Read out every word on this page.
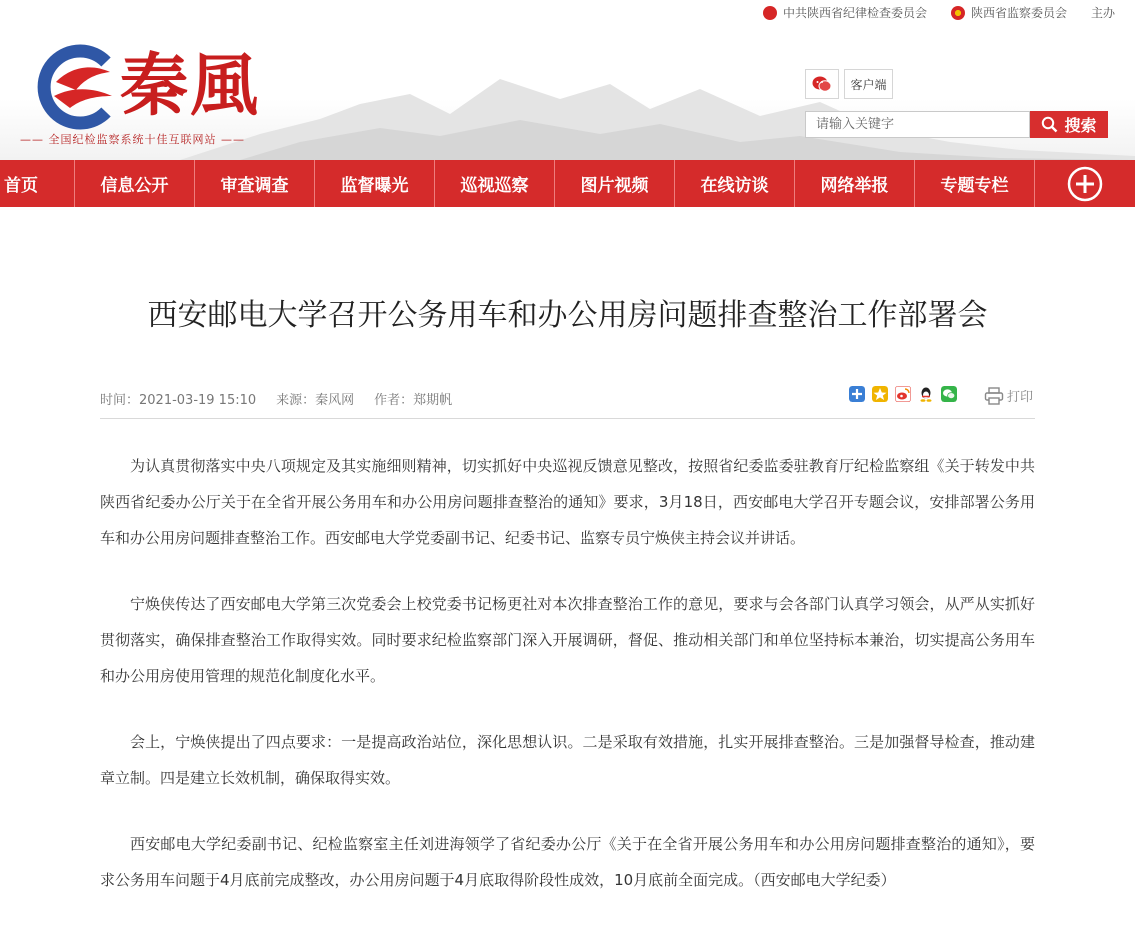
中共陕西省纪律检查委员会	陕西省监察委员会 主办
秦風
—— 全国纪检监察系统十佳互联网站 ——
客户端
请输入关键字
搜索
首页	信息公开	审查调查	监督曝光	巡视巡察	图片视频	在线访谈	网络举报	专题专栏
西安邮电大学召开公务用车和办公用房问题排查整治工作部署会
时间：2021-03-19 15:10 来源：秦风网 作者：郑期帆	打印

为认真贯彻落实中央八项规定及其实施细则精神，切实抓好中央巡视反馈意见整改，按照省纪委监委驻教育厅纪检监察组《关于转发中共陕西省纪委办公厅关于在全省开展公务用车和办公用房问题排查整治的通知》要求，3月18日，西安邮电大学召开专题会议，安排部署公务用车和办公用房问题排查整治工作。西安邮电大学党委副书记、纪委书记、监察专员宁焕侠主持会议并讲话。

宁焕侠传达了西安邮电大学第三次党委会上校党委书记杨更社对本次排查整治工作的意见，要求与会各部门认真学习领会，从严从实抓好贯彻落实，确保排查整治工作取得实效。同时要求纪检监察部门深入开展调研，督促、推动相关部门和单位坚持标本兼治，切实提高公务用车和办公用房使用管理的规范化制度化水平。

会上，宁焕侠提出了四点要求：一是提高政治站位，深化思想认识。二是采取有效措施，扎实开展排查整治。三是加强督导检查，推动建章立制。四是建立长效机制，确保取得实效。

西安邮电大学纪委副书记、纪检监察室主任刘进海领学了省纪委办公厅《关于在全省开展公务用车和办公用房问题排查整治的通知》，要求公务用车问题于4月底前完成整改，办公用房问题于4月底取得阶段性成效，10月底前全面完成。（西安邮电大学纪委）
